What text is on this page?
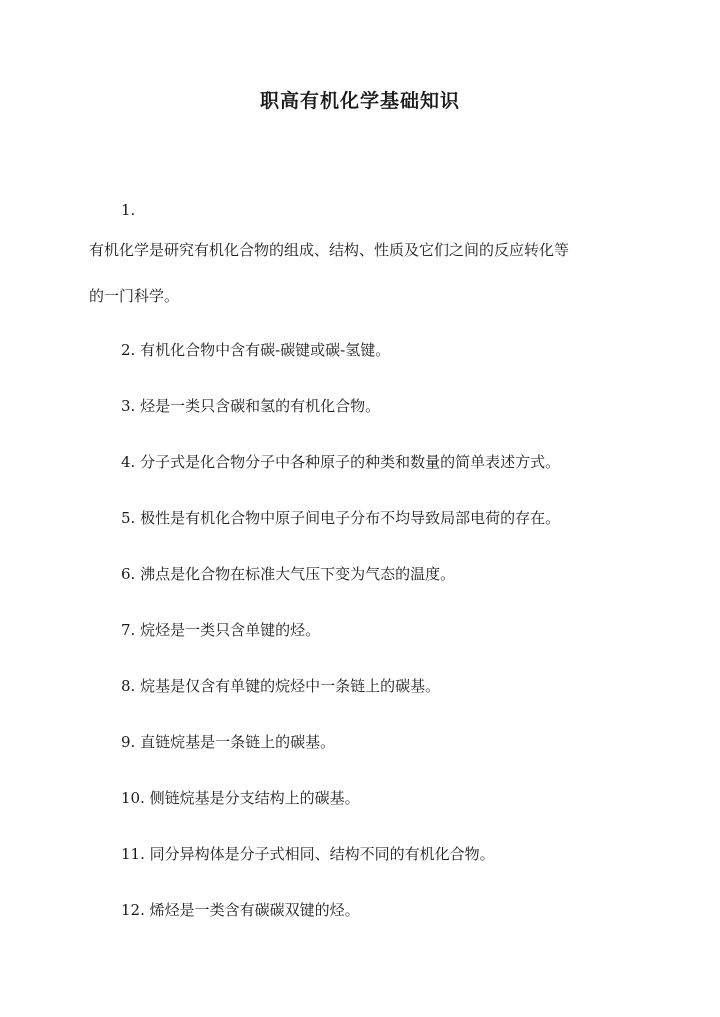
职高有机化学基础知识

1.

有机化学是研究有机化合物的组成、结构、性质及它们之间的反应转化等

的一门科学。

2. 有机化合物中含有碳-碳键或碳-氢键。

3. 烃是一类只含碳和氢的有机化合物。

4. 分子式是化合物分子中各种原子的种类和数量的简单表述方式。

5. 极性是有机化合物中原子间电子分布不均导致局部电荷的存在。

6. 沸点是化合物在标准大气压下变为气态的温度。

7. 烷烃是一类只含单键的烃。

8. 烷基是仅含有单键的烷烃中一条链上的碳基。

9. 直链烷基是一条链上的碳基。

10. 侧链烷基是分支结构上的碳基。

11. 同分异构体是分子式相同、结构不同的有机化合物。

12. 烯烃是一类含有碳碳双键的烃。
